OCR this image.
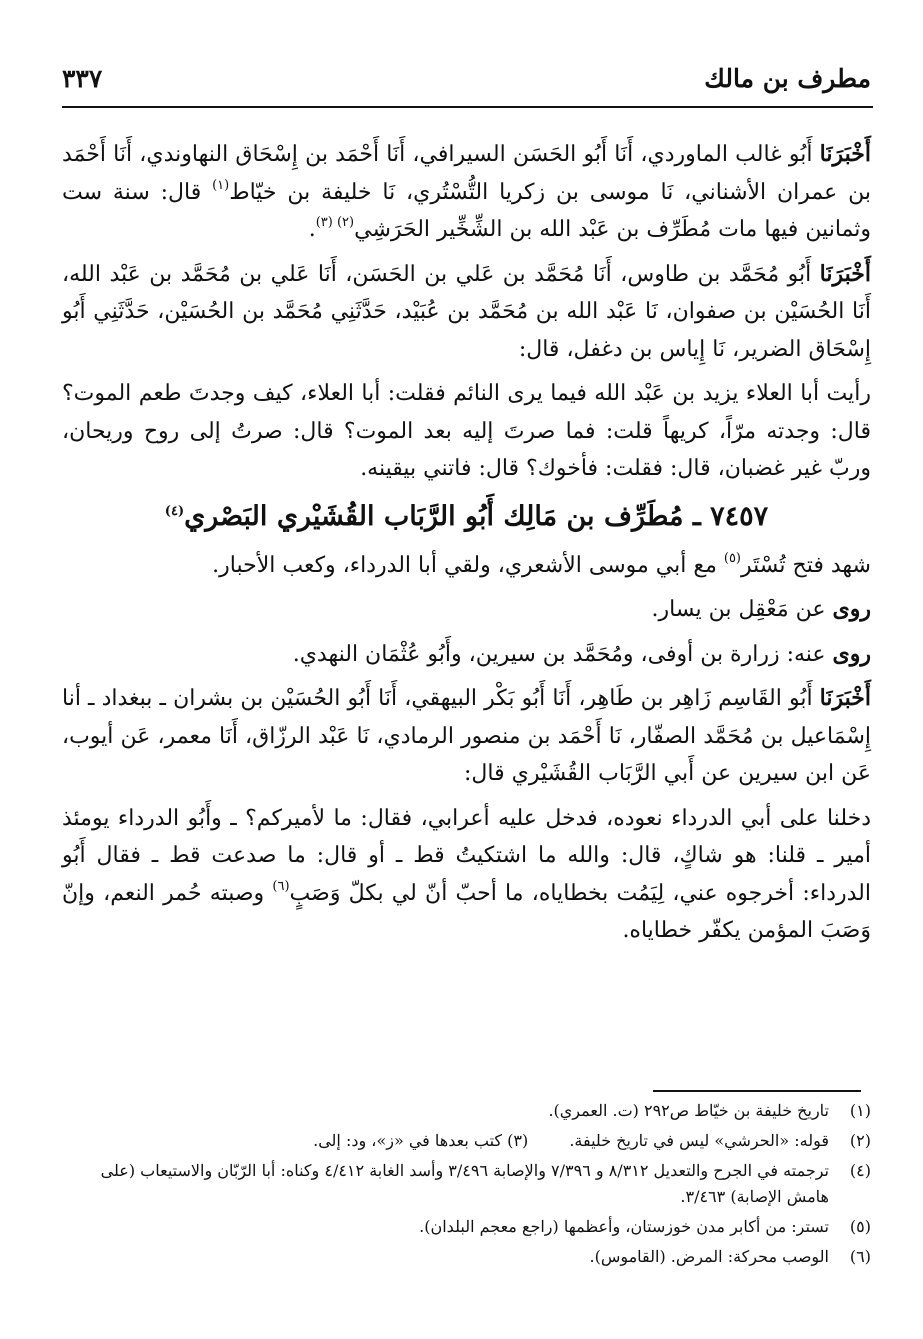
مطرف بن مالك
٣٣٧

أَخْبَرَنَا أَبُو غالب الماوردي، أَنَا أَبُو الحَسَن السيرافي، أَنَا أَحْمَد بن إِسْحَاق النهاوندي، أَنَا أَحْمَد بن عمران الأشناني، نَا موسى بن زكريا التُّسْتُري، نَا خليفة بن خيّاط$^{(١)}$ قال: سنة ست وثمانين فيها مات مُطَرِّف بن عَبْد الله بن الشِّخِّير الحَرَشِي$^{(٢) (٣)}$.

أَخْبَرَنَا أَبُو مُحَمَّد بن طاوس، أَنَا مُحَمَّد بن عَلي بن الحَسَن، أَنَا عَلي بن مُحَمَّد بن عَبْد الله، أَنَا الحُسَيْن بن صفوان، نَا عَبْد الله بن مُحَمَّد بن عُبَيْد، حَدَّثَنِي مُحَمَّد بن الحُسَيْن، حَدَّثَنِي أَبُو إِسْحَاق الضرير، نَا إِياس بن دغفل، قال:

رأيت أبا العلاء يزيد بن عَبْد الله فيما يرى النائم فقلت: أبا العلاء، كيف وجدتَ طعم الموت؟ قال: وجدته مرّاً، كريهاً قلت: فما صرتَ إليه بعد الموت؟ قال: صرتُ إلى روح وريحان، وربّ غير غضبان، قال: فقلت: فأخوك؟ قال: فاتني بيقينه.

٧٤٥٧ ـ مُطَرِّف بن مَالِك أَبُو الرَّبَاب القُشَيْري البَصْري$^{(٤)}$

شهد فتح تُسْتَر$^{(٥)}$ مع أبي موسى الأشعري، ولقي أبا الدرداء، وكعب الأحبار.

روى عن مَعْقِل بن يسار.

روى عنه: زرارة بن أوفى، ومُحَمَّد بن سيرين، وأَبُو عُثْمَان النهدي.

أَخْبَرَنَا أَبُو القَاسِم زَاهِر بن طَاهِر، أَنَا أَبُو بَكْر البيهقي، أَنَا أَبُو الحُسَيْن بن بشران ـ ببغداد ـ أنا إِسْمَاعيل بن مُحَمَّد الصفّار، نَا أَحْمَد بن منصور الرمادي، نَا عَبْد الرزّاق، أَنَا معمر، عَن أيوب، عَن ابن سيرين عن أَبي الرَّبَاب القُشَيْري قال:

دخلنا على أبي الدرداء نعوده، فدخل عليه أعرابي، فقال: ما لأميركم؟ ـ وأَبُو الدرداء يومئذ أمير ـ قلنا: هو شاكٍ، قال: والله ما اشتكيتُ قط ـ أو قال: ما صدعت قط ـ فقال أَبُو الدرداء: أخرجوه عني، لِيَمُت بخطاياه، ما أحبّ أنّ لي بكلّ وَصَبٍ$^{(٦)}$ وصبته حُمر النعم، وإنّ وَصَبَ المؤمن يكفّر خطاياه.

(١)
تاريخ خليفة بن خيّاط ص٢٩٢ (ت. العمري).
(٢)
قوله: «الحرشي» ليس في تاريخ خليفة. (٣) كتب بعدها في «ز»، ود: إلى.
(٤)
ترجمته في الجرح والتعديل ٨/٣١٢ و ٧/٣٩٦ والإصابة ٣/٤٩٦ وأسد الغابة ٤/٤١٢ وكناه: أبا الرّبّان والاستيعاب (على هامش الإصابة) ٣/٤٦٣.
(٥)
تستر: من أكابر مدن خوزستان، وأعظمها (راجع معجم البلدان).
(٦)
الوصب محركة: المرض. (القاموس).
